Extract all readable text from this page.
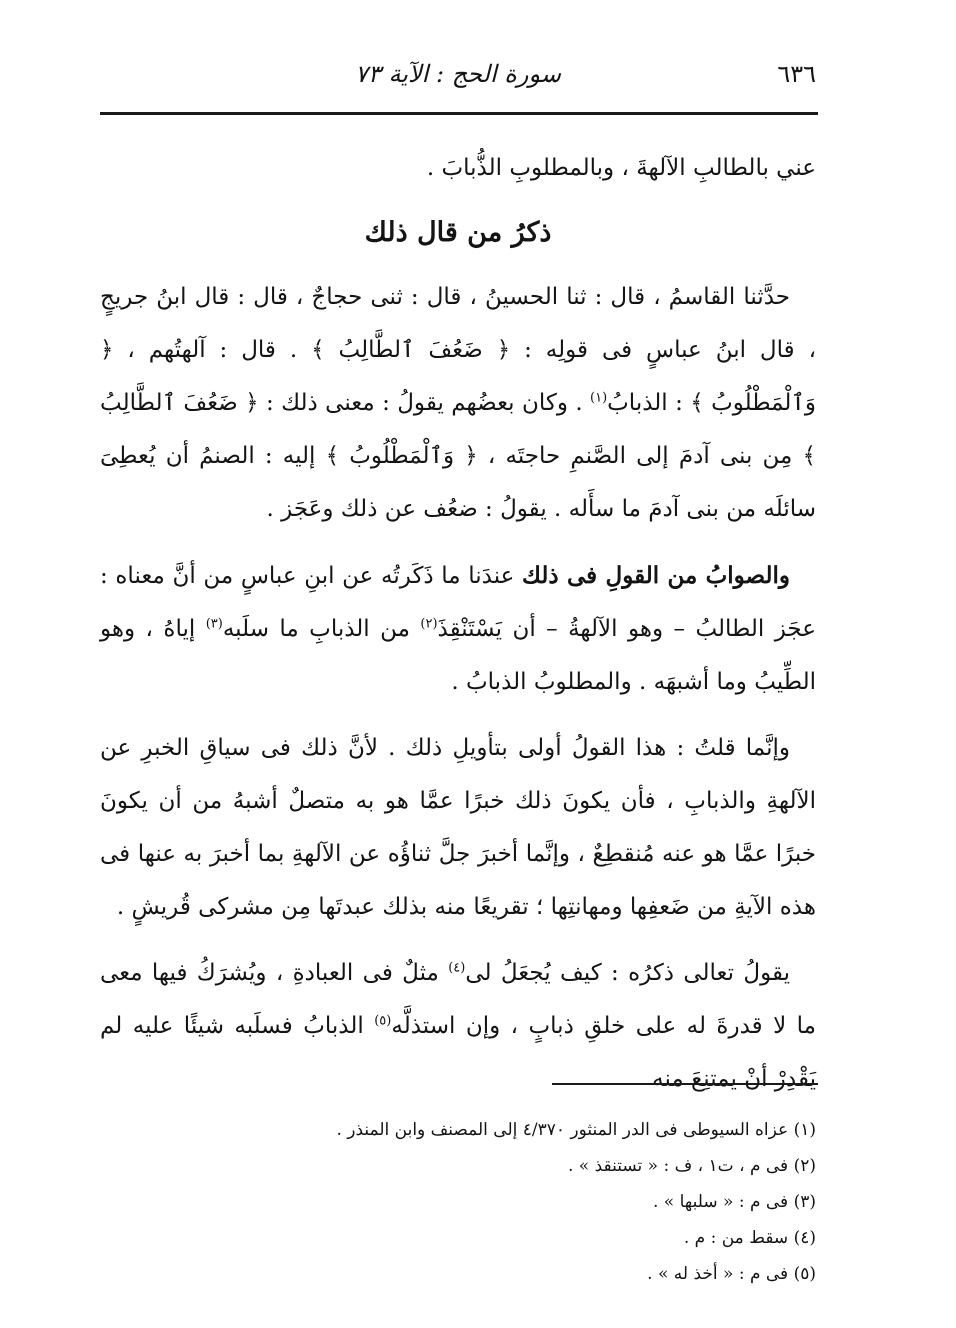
٦٣٦
سورة الحج : الآية ٧٣

عني بالطالبِ الآلهةَ ، وبالمطلوبِ الذُّبابَ .

ذكرُ من قال ذلك

حدَّثنا القاسمُ ، قال : ثنا الحسينُ ، قال : ثنى حجاجٌ ، قال : قال ابنُ جريجٍ ، قال ابنُ عباسٍ فى قولِه : ﴿ ضَعُفَ ٱلطَّالِبُ ﴾ . قال : آلهتُهم ، ﴿ وَٱلْمَطْلُوبُ ﴾ : الذبابُ$^{(١)}$ . وكان بعضُهم يقولُ : معنى ذلك : ﴿ ضَعُفَ ٱلطَّالِبُ ﴾ مِن بنى آدمَ إلى الصَّنمِ حاجتَه ، ﴿ وَٱلْمَطْلُوبُ ﴾ إليه : الصنمُ أن يُعطِىَ سائلَه من بنى آدمَ ما سأَله . يقولُ : ضعُف عن ذلك وعَجَز .

والصوابُ من القولِ فى ذلك عندَنا ما ذَكَرتُه عن ابنِ عباسٍ من أنَّ معناه : عجَز الطالبُ – وهو الآلهةُ – أن يَسْتَنْقِذَ$^{(٢)}$ من الذبابِ ما سلَبه$^{(٣)}$ إياهُ ، وهو الطِّيبُ وما أشبهَه . والمطلوبُ الذبابُ .

وإنَّما قلتُ : هذا القولُ أولى بتأويلِ ذلك . لأنَّ ذلك فى سياقِ الخبرِ عن الآلهةِ والذبابِ ، فأن يكونَ ذلك خبرًا عمَّا هو به متصلٌ أشبهُ من أن يكونَ خبرًا عمَّا هو عنه مُنقطِعٌ ، وإنَّما أخبرَ جلَّ ثناؤُه عن الآلهةِ بما أخبرَ به عنها فى هذه الآيةِ من ضَعفِها ومهانتِها ؛ تقريعًا منه بذلك عبدتَها مِن مشركى قُريشٍ .

يقولُ تعالى ذكرُه : كيف يُجعَلُ لى$^{(٤)}$ مثلٌ فى العبادةِ ، ويُشرَكُ فيها معى ما لا قدرةَ له على خلقِ ذبابٍ ، وإن استذلَّه$^{(٥)}$ الذبابُ فسلَبه شيئًا عليه لم يَقْدِرْ أنْ يمتنِعَ منه

(١) عزاه السيوطى فى الدر المنثور ٤/٣٧٠ إلى المصنف وابن المنذر .

(٢) فى م ، ت١ ، ف : « تستنقذ » .

(٣) فى م : « سلبها » .

(٤) سقط من : م .

(٥) فى م : « أخذ له » .
